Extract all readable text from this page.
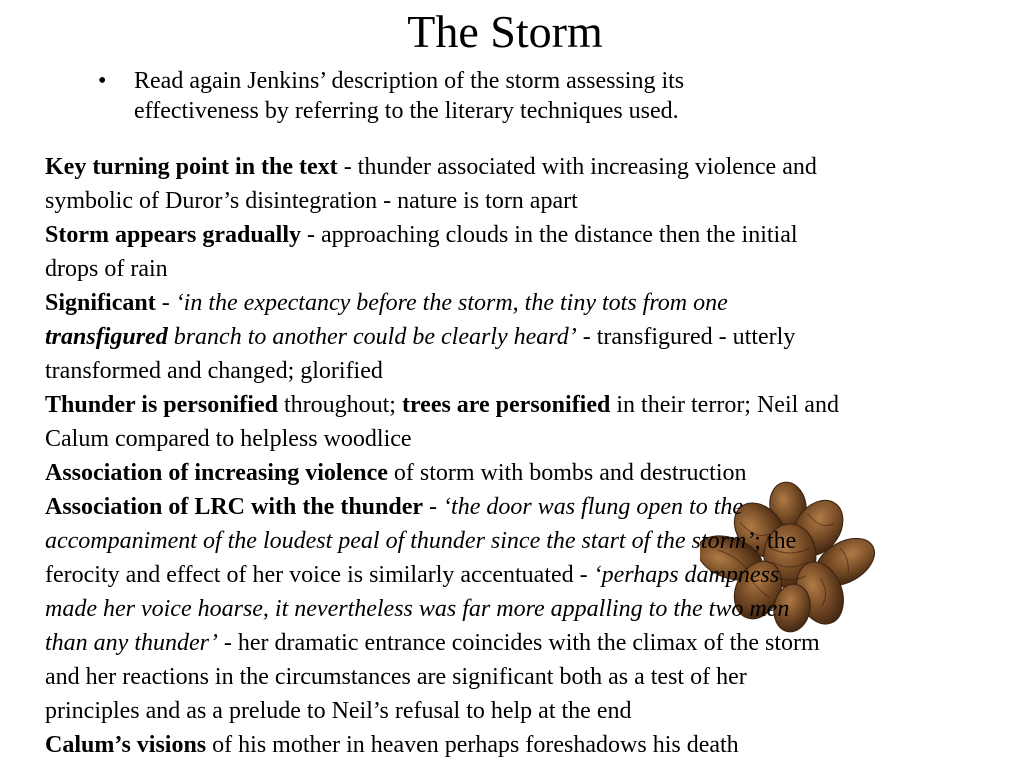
The Storm
• Read again Jenkins’ description of the storm assessing its
effectiveness by referring to the literary techniques used.
Key turning point in the text - thunder associated with increasing violence and
symbolic of Duror’s disintegration - nature is torn apart
Storm appears gradually - approaching clouds in the distance then the initial
drops of rain
Significant - ‘in the expectancy before the storm, the tiny tots from one
transfigured branch to another could be clearly heard’ - transfigured - utterly
transformed and changed; glorified
Thunder is personified throughout; trees are personified in their terror; Neil and
Calum compared to helpless woodlice
Association of increasing violence of storm with bombs and destruction
Association of LRC with the thunder - ‘the door was flung open to the
accompaniment of the loudest peal of thunder since the start of the storm’; the
ferocity and effect of her voice is similarly accentuated - ‘perhaps dampness
made her voice hoarse, it nevertheless was far more appalling to the two men
than any thunder’ - her dramatic entrance coincides with the climax of the storm
and her reactions in the circumstances are significant both as a test of her
principles and as a prelude to Neil’s refusal to help at the end
Calum’s visions of his mother in heaven perhaps foreshadows his death
